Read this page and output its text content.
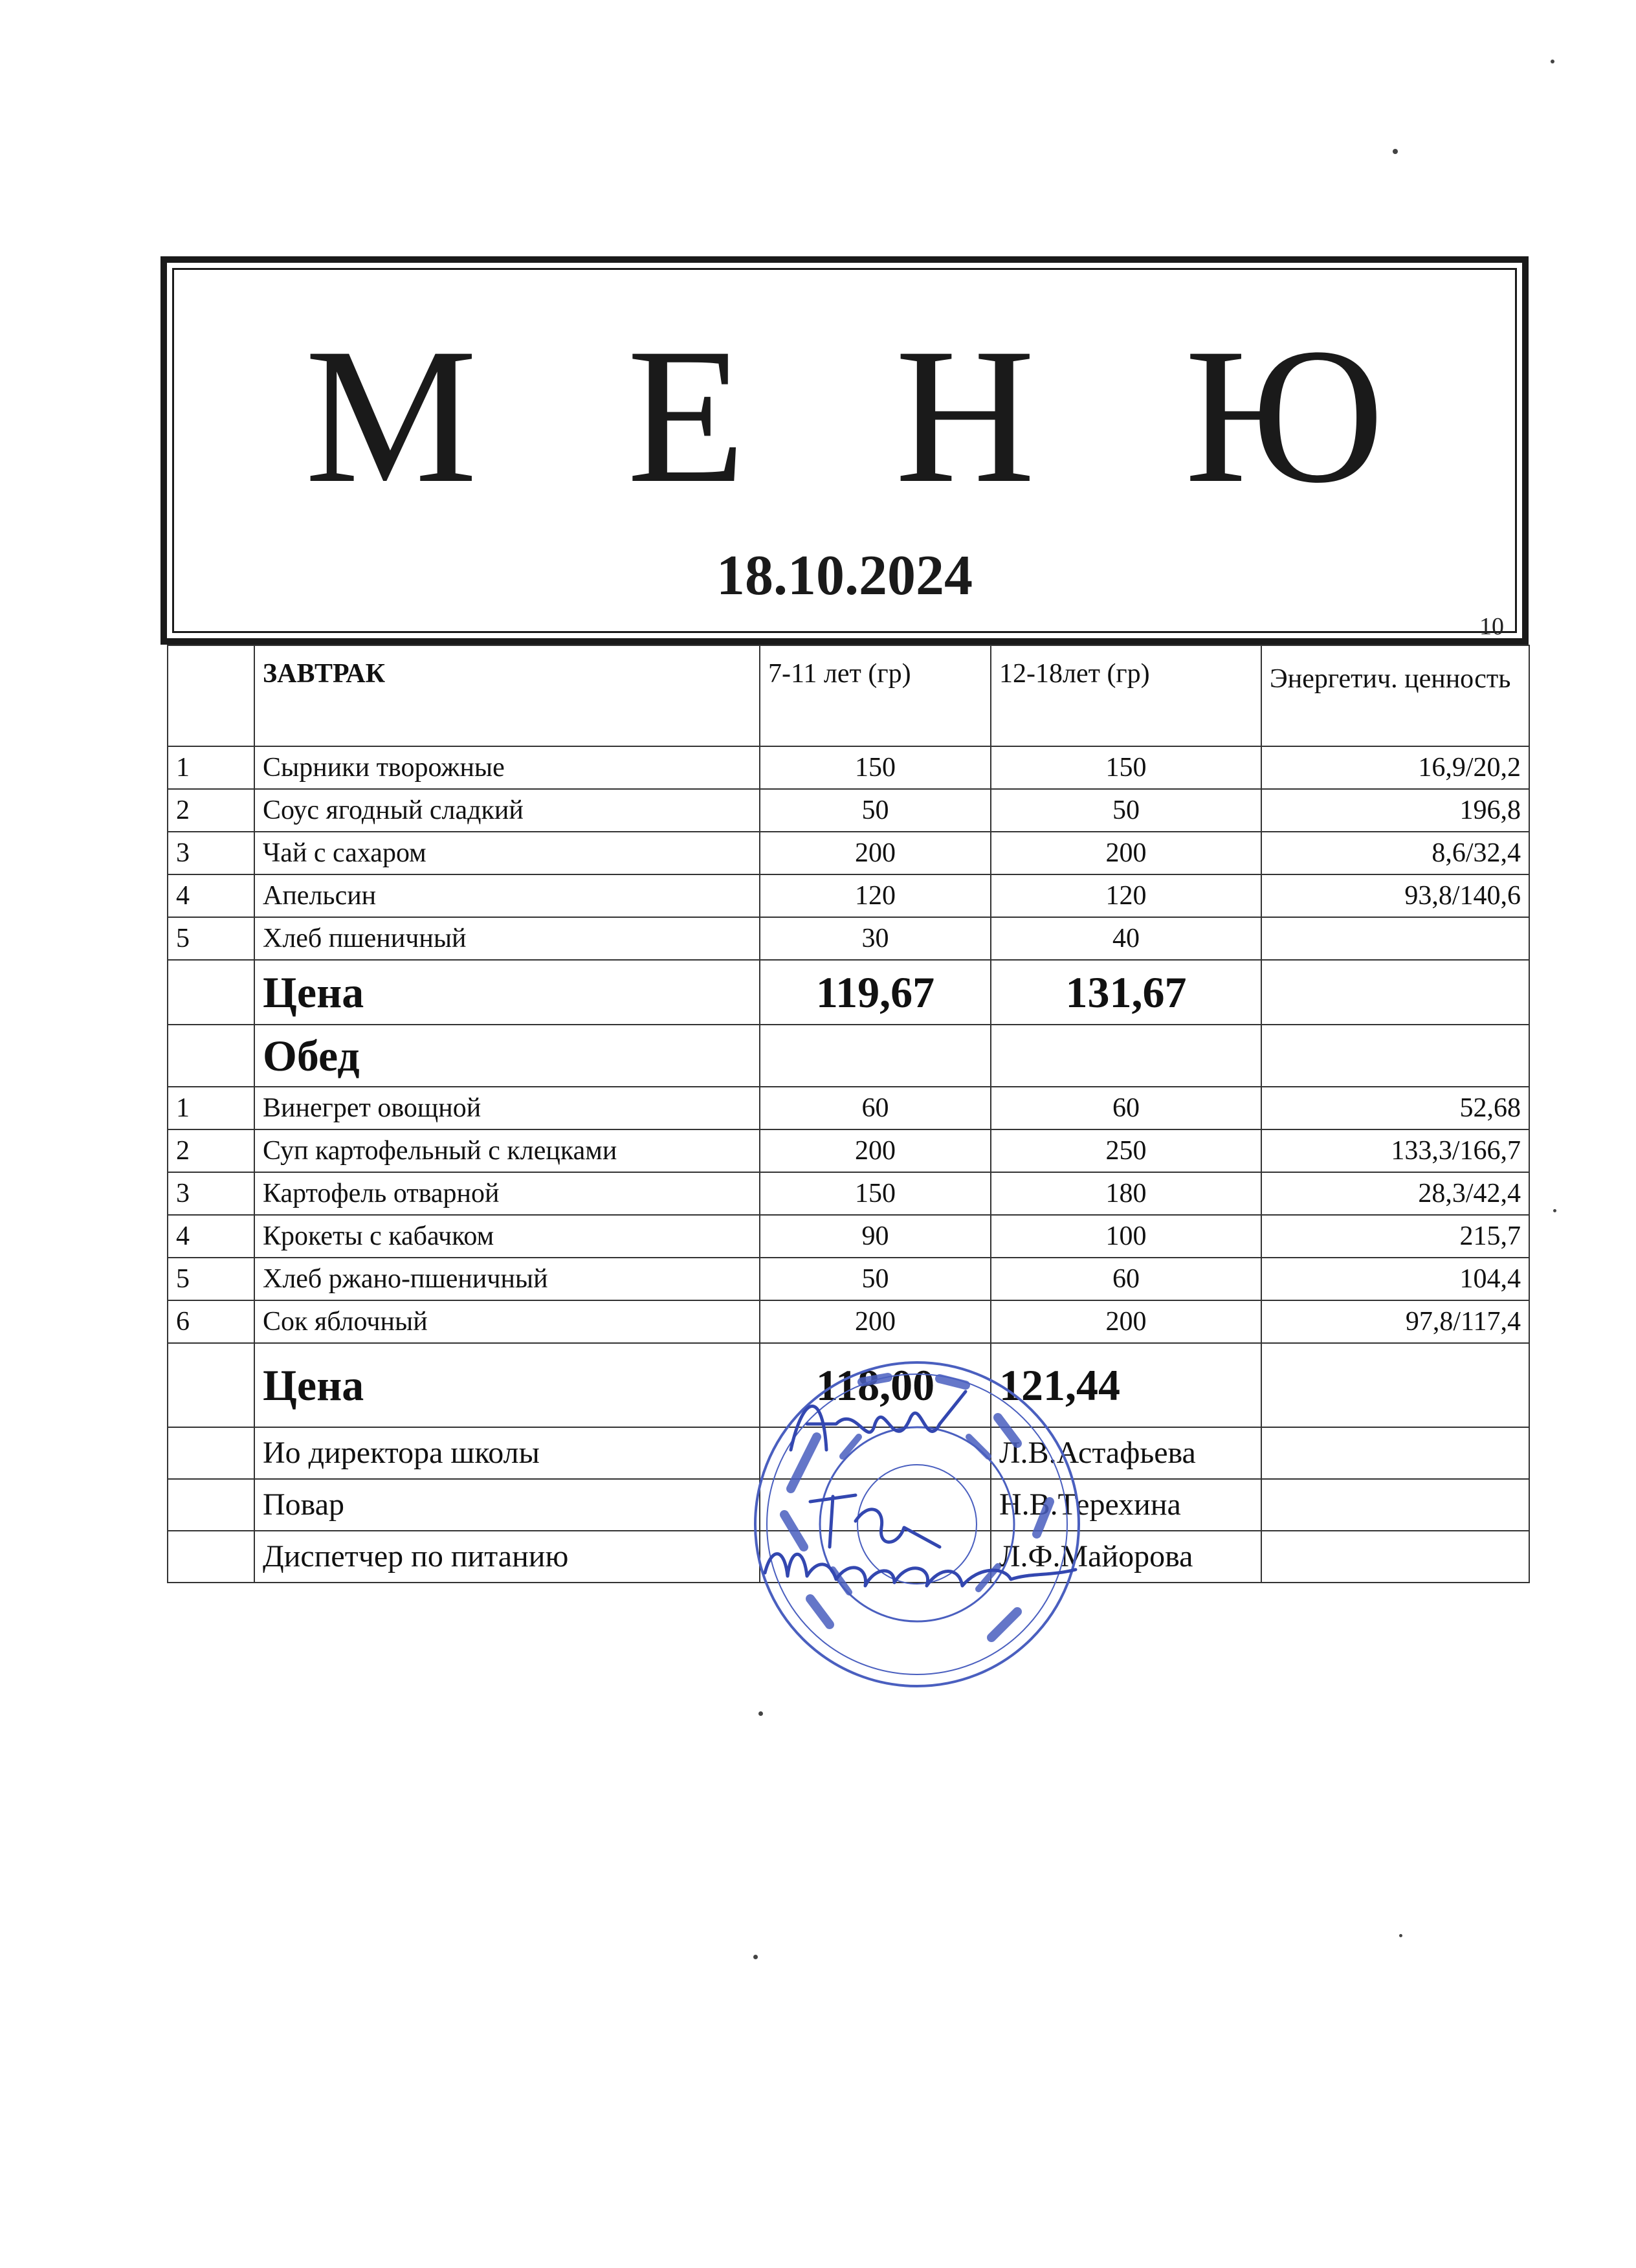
М Е Н Ю
18.10.2024
10
	ЗАВТРАК	7-11 лет (гр)	12-18лет (гр)	Энергетич. ценность
1	Сырники творожные	150	150	16,9/20,2
2	Соус ягодный сладкий	50	50	196,8
3	Чай с сахаром	200	200	8,6/32,4
4	Апельсин	120	120	93,8/140,6
5	Хлеб пшеничный	30	40	
	Цена	119,67	131,67	
	Обед			
1	Винегрет овощной	60	60	52,68
2	Суп картофельный с клецками	200	250	133,3/166,7
3	Картофель отварной	150	180	28,3/42,4
4	Крокеты с кабачком	90	100	215,7
5	Хлеб ржано-пшеничный	50	60	104,4
6	Сок яблочный	200	200	97,8/117,4
	Цена	118,00	121,44	
	Ио директора школы		Л.В.Астафьева	
	Повар		Н.В.Терехина	
	Диспетчер по питанию		Л.Ф.Майорова	
